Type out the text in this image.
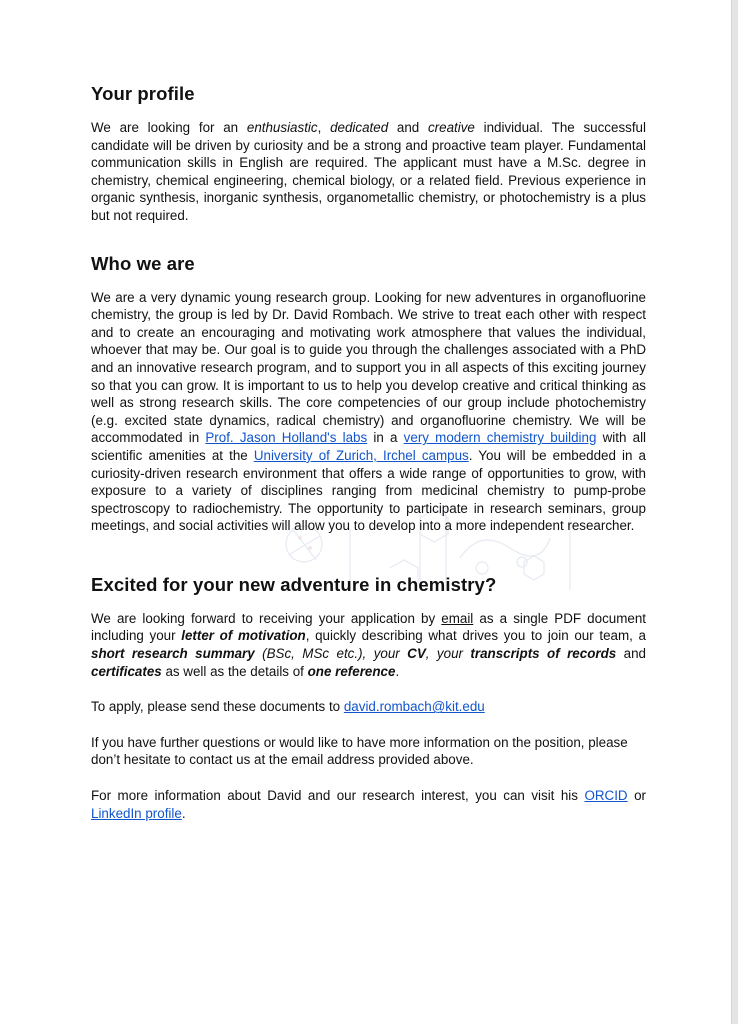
Your profile

We are looking for an enthusiastic, dedicated and creative individual. The successful candidate will be driven by curiosity and be a strong and proactive team player. Fundamental communication skills in English are required. The applicant must have a M.Sc. degree in chemistry, chemical engineering, chemical biology, or a related field. Previous experience in organic synthesis, inorganic synthesis, organometallic chemistry, or photochemistry is a plus but not required.

Who we are

We are a very dynamic young research group. Looking for new adventures in organofluorine chemistry, the group is led by Dr. David Rombach. We strive to treat each other with respect and to create an encouraging and motivating work atmosphere that values the individual, whoever that may be. Our goal is to guide you through the challenges associated with a PhD and an innovative research program, and to support you in all aspects of this exciting journey so that you can grow. It is important to us to help you develop creative and critical thinking as well as strong research skills. The core competencies of our group include photochemistry (e.g. excited state dynamics, radical chemistry) and organofluorine chemistry. We will be accommodated in Prof. Jason Holland's labs in a very modern chemistry building with all scientific amenities at the University of Zurich, Irchel campus. You will be embedded in a curiosity-driven research environment that offers a wide range of opportunities to grow, with exposure to a variety of disciplines ranging from medicinal chemistry to pump-probe spectroscopy to radiochemistry. The opportunity to participate in research seminars, group meetings, and social activities will allow you to develop into a more independent researcher.

Excited for your new adventure in chemistry?

We are looking forward to receiving your application by email as a single PDF document including your letter of motivation, quickly describing what drives you to join our team, a short research summary (BSc, MSc etc.), your CV, your transcripts of records and certificates as well as the details of one reference.

To apply, please send these documents to david.rombach@kit.edu

If you have further questions or would like to have more information on the position, please don’t hesitate to contact us at the email address provided above.

For more information about David and our research interest, you can visit his ORCID or LinkedIn profile.
